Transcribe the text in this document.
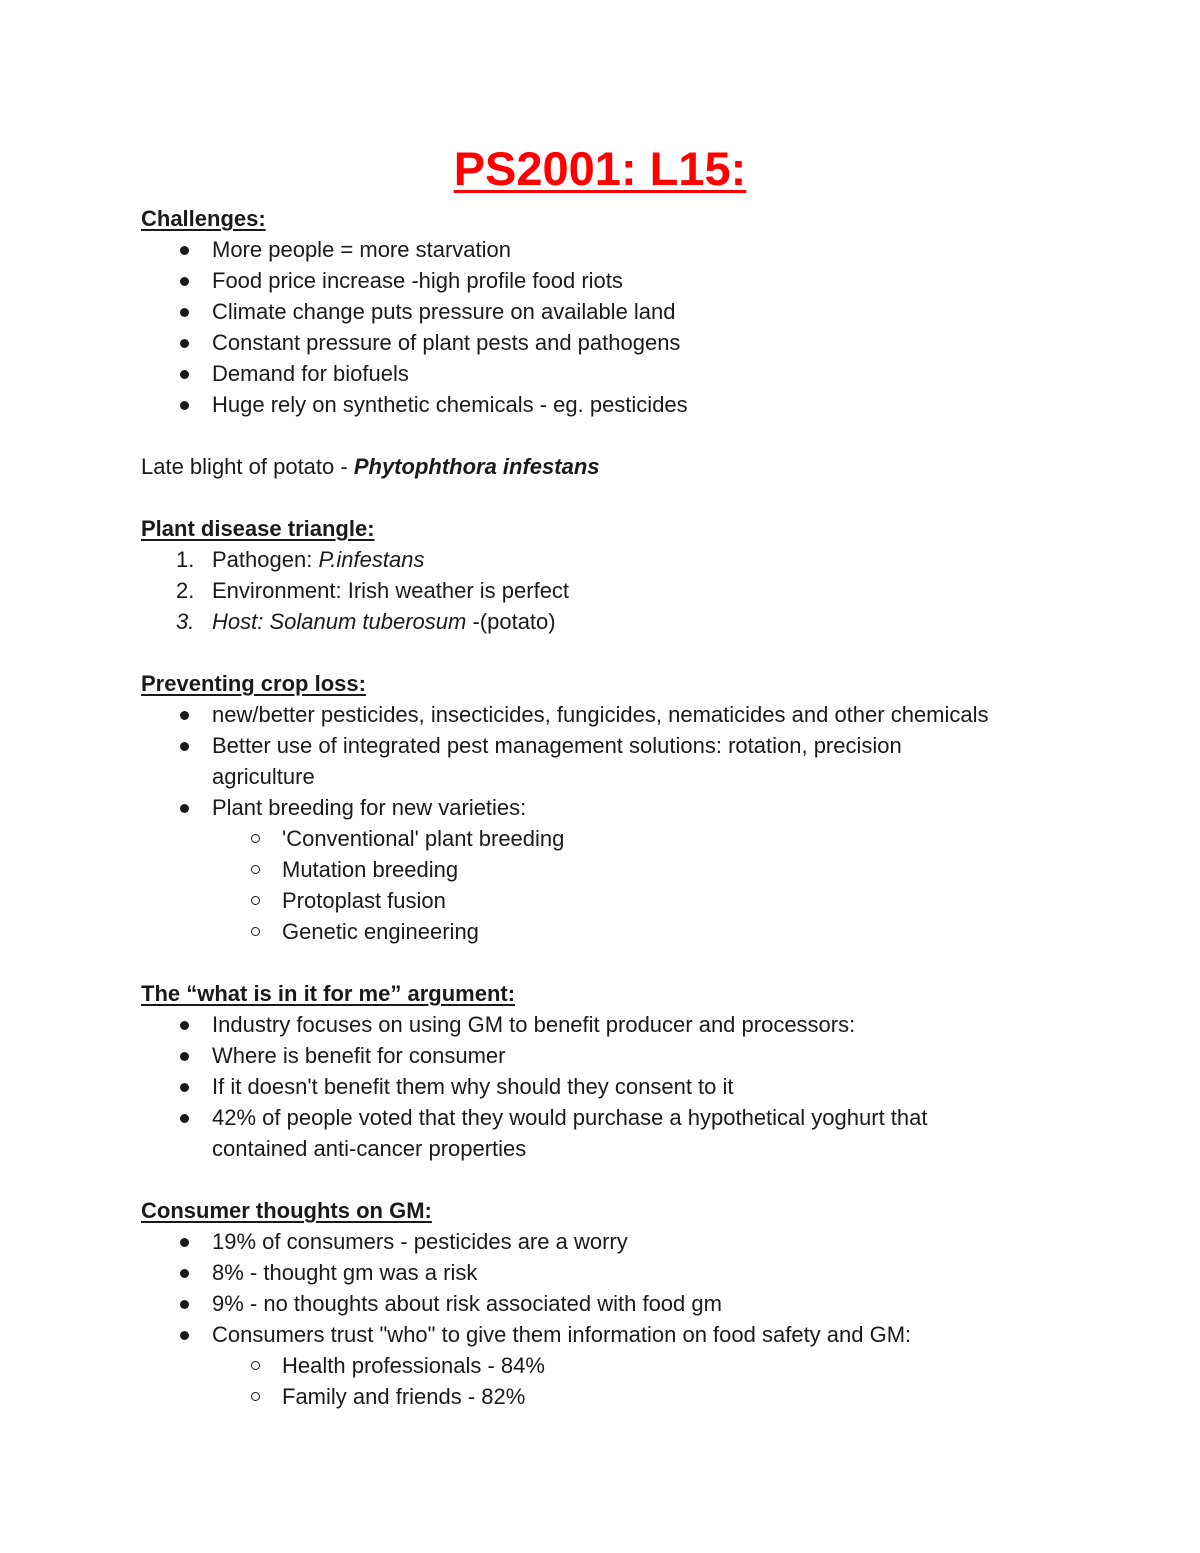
PS2001: L15:
Challenges:
More people = more starvation
Food price increase -high profile food riots
Climate change puts pressure on available land
Constant pressure of plant pests and pathogens
Demand for biofuels
Huge rely on synthetic chemicals - eg. pesticides
Late blight of potato - Phytophthora infestans
Plant disease triangle:
1. Pathogen: P.infestans
2. Environment: Irish weather is perfect
3. Host: Solanum tuberosum -(potato)
Preventing crop loss:
new/better pesticides, insecticides, fungicides, nematicides and other chemicals
Better use of integrated pest management solutions: rotation, precision
agriculture
Plant breeding for new varieties:
'Conventional' plant breeding
Mutation breeding
Protoplast fusion
Genetic engineering
The “what is in it for me” argument:
Industry focuses on using GM to benefit producer and processors:
Where is benefit for consumer
If it doesn't benefit them why should they consent to it
42% of people voted that they would purchase a hypothetical yoghurt that
contained anti-cancer properties
Consumer thoughts on GM:
19% of consumers - pesticides are a worry
8% - thought gm was a risk
9% - no thoughts about risk associated with food gm
Consumers trust "who" to give them information on food safety and GM:
Health professionals - 84%
Family and friends - 82%
